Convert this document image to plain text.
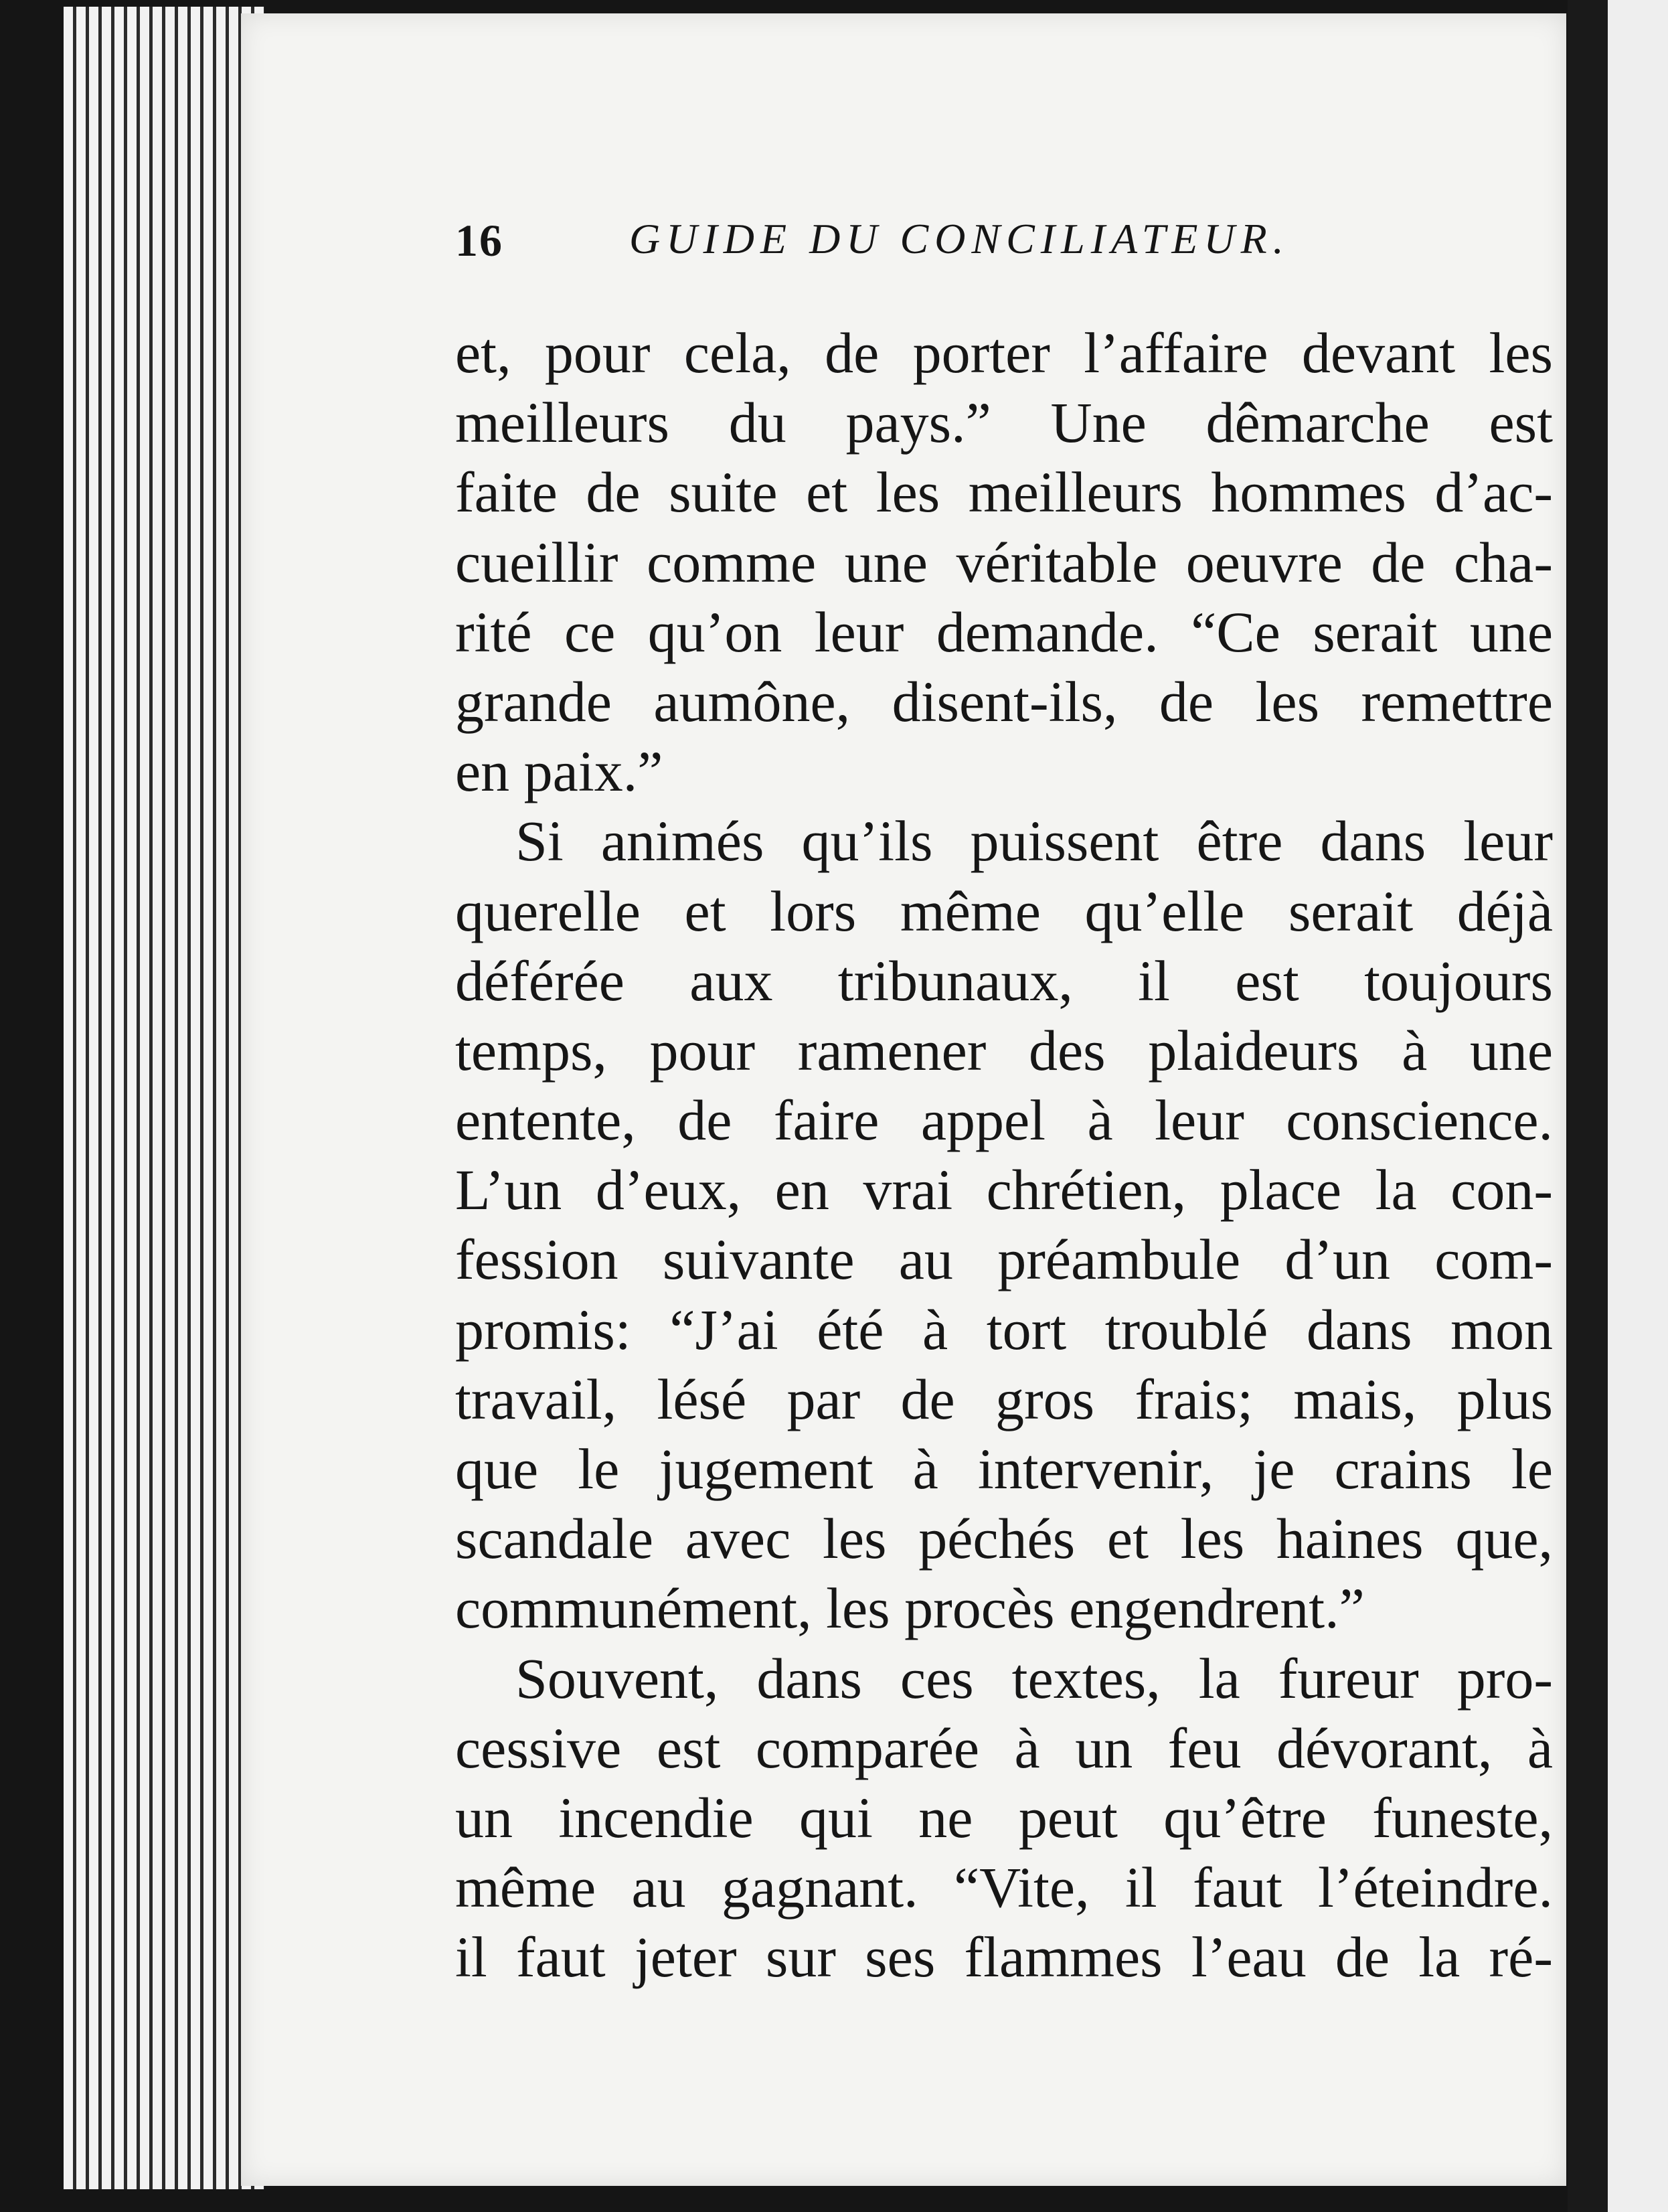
16	GUIDE DU CONCILIATEUR.
et, pour cela, de porter l’affaire devant les
meilleurs du pays.” Une dêmarche est
faite de suite et les meilleurs hommes d’ac-
cueillir comme une véritable oeuvre de cha-
rité ce qu’on leur demande. “Ce serait une
grande aumône, disent-ils, de les remettre
en paix.”
Si animés qu’ils puissent être dans leur
querelle et lors même qu’elle serait déjà
déférée aux tribunaux, il est toujours
temps, pour ramener des plaideurs à une
entente, de faire appel à leur conscience.
L’un d’eux, en vrai chrétien, place la con-
fession suivante au préambule d’un com-
promis: “J’ai été à tort troublé dans mon
travail, lésé par de gros frais; mais, plus
que le jugement à intervenir, je crains le
scandale avec les péchés et les haines que,
communément, les procès engendrent.”
Souvent, dans ces textes, la fureur pro-
cessive est comparée à un feu dévorant, à
un incendie qui ne peut qu’être funeste,
même au gagnant. “Vite, il faut l’éteindre.
il faut jeter sur ses flammes l’eau de la ré-
